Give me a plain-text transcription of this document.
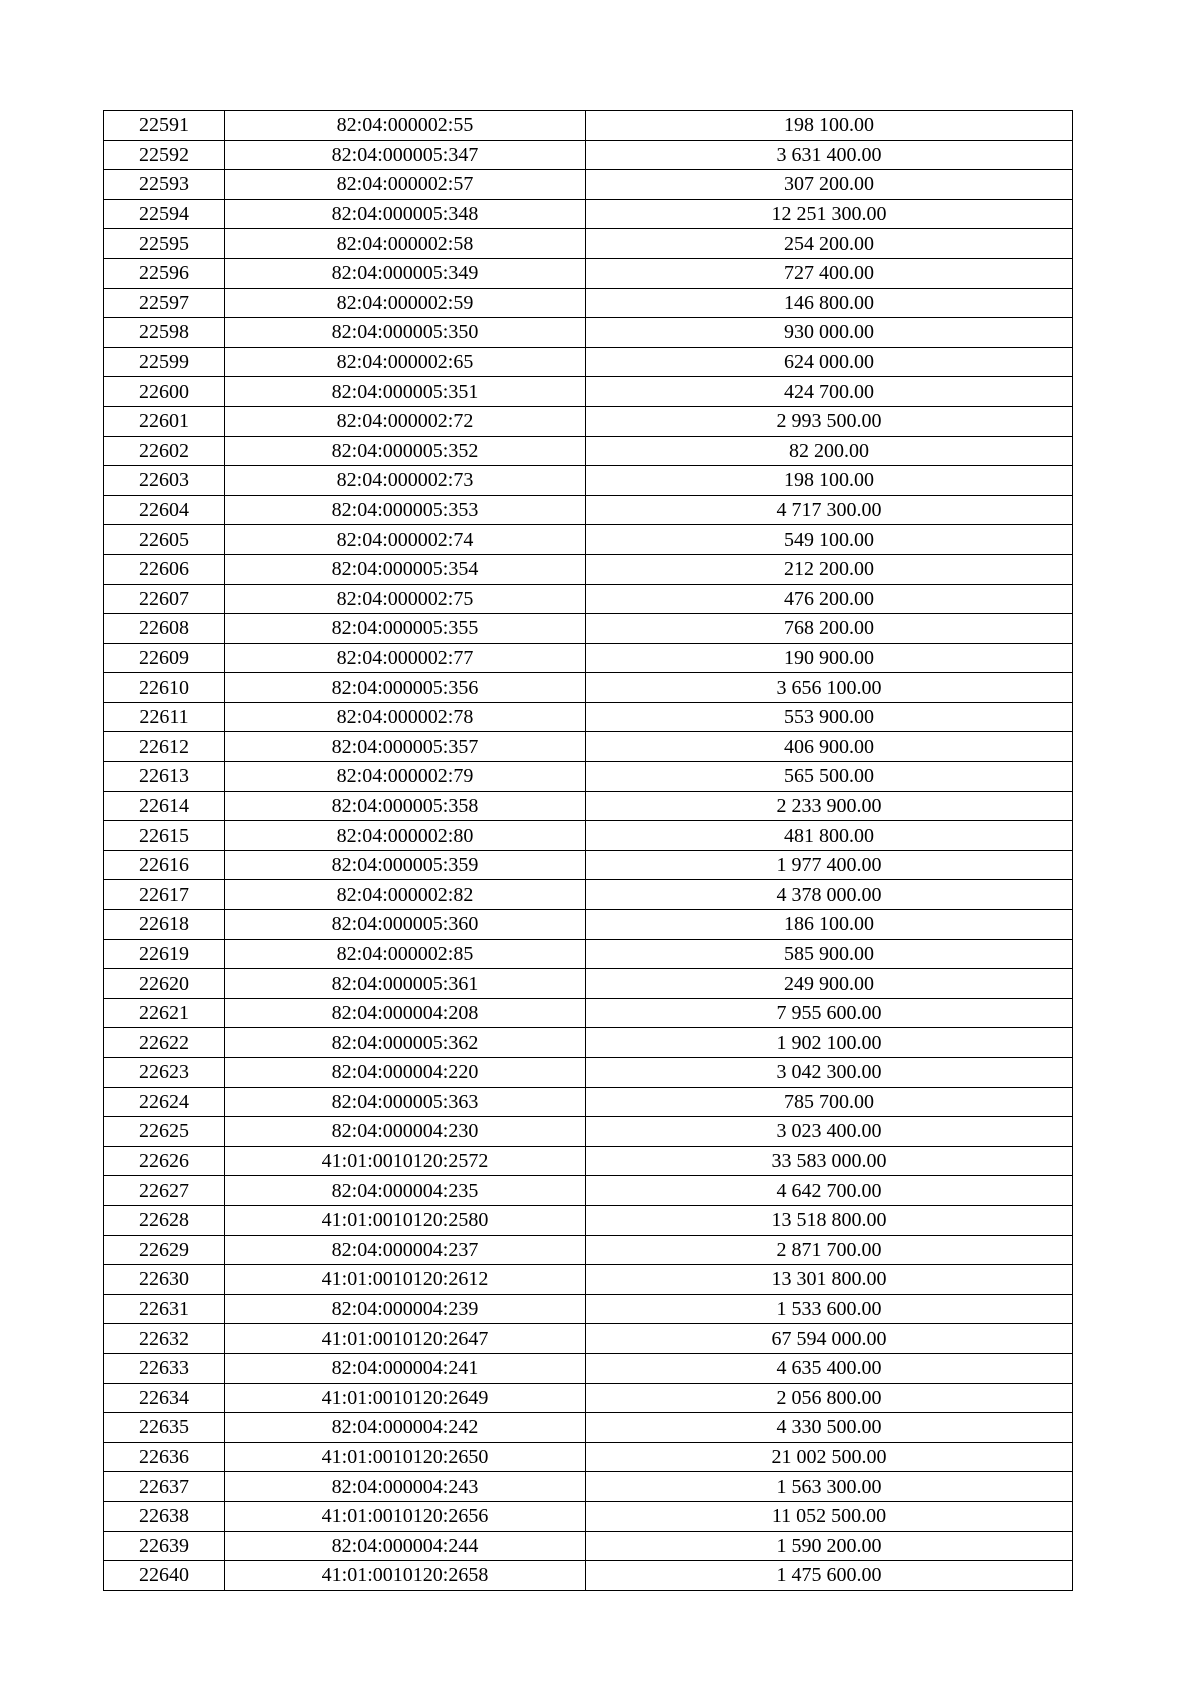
22591	82:04:000002:55	198 100.00
22592	82:04:000005:347	3 631 400.00
22593	82:04:000002:57	307 200.00
22594	82:04:000005:348	12 251 300.00
22595	82:04:000002:58	254 200.00
22596	82:04:000005:349	727 400.00
22597	82:04:000002:59	146 800.00
22598	82:04:000005:350	930 000.00
22599	82:04:000002:65	624 000.00
22600	82:04:000005:351	424 700.00
22601	82:04:000002:72	2 993 500.00
22602	82:04:000005:352	82 200.00
22603	82:04:000002:73	198 100.00
22604	82:04:000005:353	4 717 300.00
22605	82:04:000002:74	549 100.00
22606	82:04:000005:354	212 200.00
22607	82:04:000002:75	476 200.00
22608	82:04:000005:355	768 200.00
22609	82:04:000002:77	190 900.00
22610	82:04:000005:356	3 656 100.00
22611	82:04:000002:78	553 900.00
22612	82:04:000005:357	406 900.00
22613	82:04:000002:79	565 500.00
22614	82:04:000005:358	2 233 900.00
22615	82:04:000002:80	481 800.00
22616	82:04:000005:359	1 977 400.00
22617	82:04:000002:82	4 378 000.00
22618	82:04:000005:360	186 100.00
22619	82:04:000002:85	585 900.00
22620	82:04:000005:361	249 900.00
22621	82:04:000004:208	7 955 600.00
22622	82:04:000005:362	1 902 100.00
22623	82:04:000004:220	3 042 300.00
22624	82:04:000005:363	785 700.00
22625	82:04:000004:230	3 023 400.00
22626	41:01:0010120:2572	33 583 000.00
22627	82:04:000004:235	4 642 700.00
22628	41:01:0010120:2580	13 518 800.00
22629	82:04:000004:237	2 871 700.00
22630	41:01:0010120:2612	13 301 800.00
22631	82:04:000004:239	1 533 600.00
22632	41:01:0010120:2647	67 594 000.00
22633	82:04:000004:241	4 635 400.00
22634	41:01:0010120:2649	2 056 800.00
22635	82:04:000004:242	4 330 500.00
22636	41:01:0010120:2650	21 002 500.00
22637	82:04:000004:243	1 563 300.00
22638	41:01:0010120:2656	11 052 500.00
22639	82:04:000004:244	1 590 200.00
22640	41:01:0010120:2658	1 475 600.00
